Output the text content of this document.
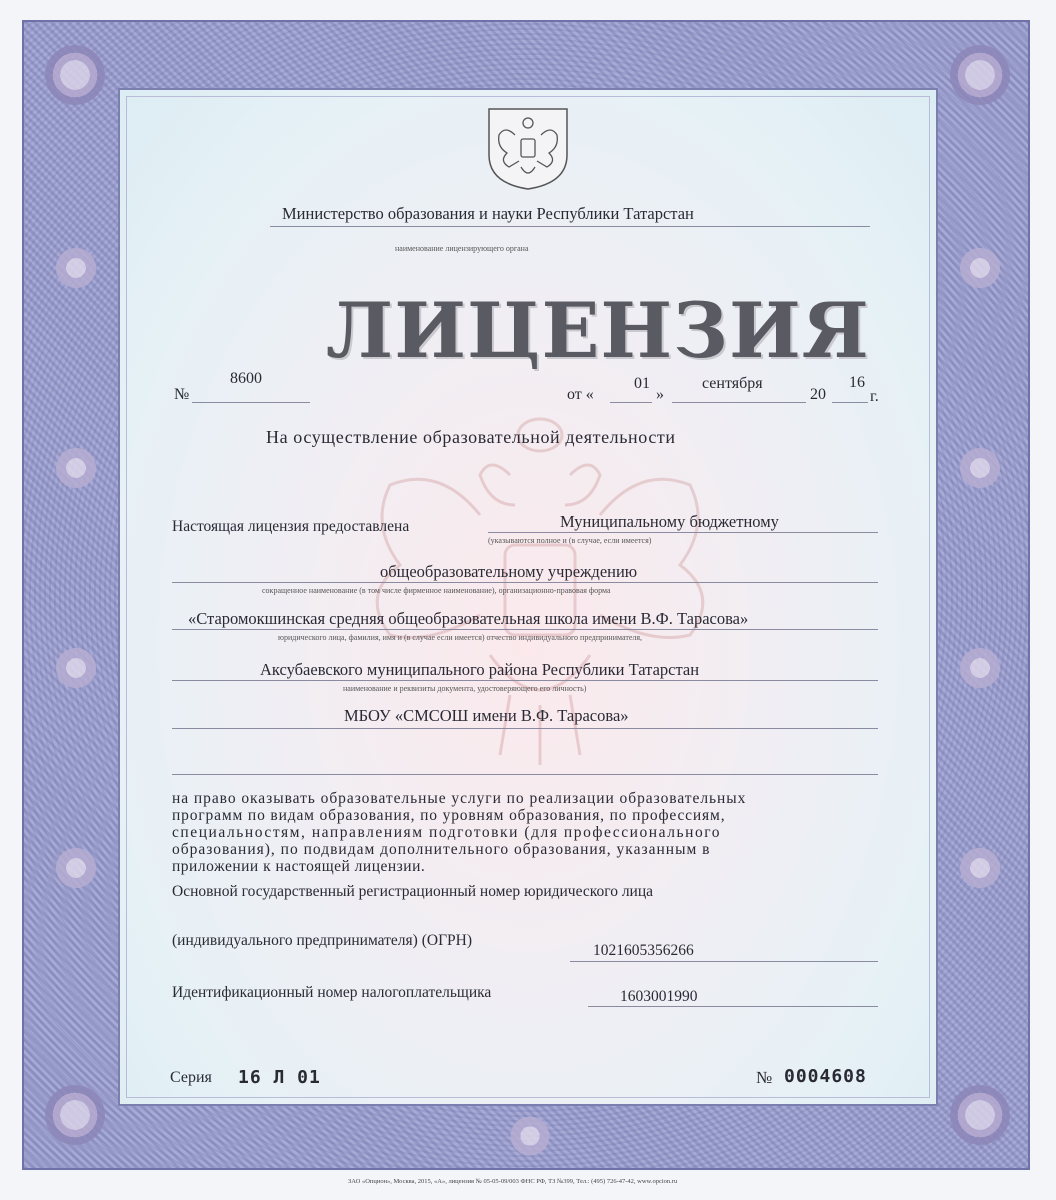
Министерство образования и науки Республики Татарстан
наименование лицензирующего органа
ЛИЦЕНЗИЯ
№
8600
от «
01
»
сентября
20
16
г.
На осуществление образовательной деятельности
Настоящая лицензия предоставлена	Муниципальному бюджетному
(указываются полное и (в случае, если имеется)
общеобразовательному учреждению
сокращенное наименование (в том числе фирменное наименование), организационно-правовая форма
«Старомокшинская средняя общеобразовательная школа имени В.Ф. Тарасова»
юридического лица, фамилия, имя и (в случае если имеется) отчество индивидуального предпринимателя,
Аксубаевского муниципального района Республики Татарстан
наименование и реквизиты документа, удостоверяющего его личность)
МБОУ «СМСОШ имени В.Ф. Тарасова»
на право оказывать образовательные услуги по реализации образовательных
программ по видам образования, по уровням образования, по профессиям,
специальностям, направлениям подготовки (для профессионального
образования), по подвидам дополнительного образования, указанным в
приложении к настоящей лицензии.
Основной государственный регистрационный номер юридического лица
(индивидуального предпринимателя) (ОГРН)
1021605356266
Идентификационный номер налогоплательщика	1603001990
Серия 16 Л 01	№ 0004608
ЗАО «Опцион», Москва, 2015, «А», лицензия № 05-05-09/003 ФНС РФ, ТЗ №399, Тел.: (495) 726-47-42, www.opcion.ru
